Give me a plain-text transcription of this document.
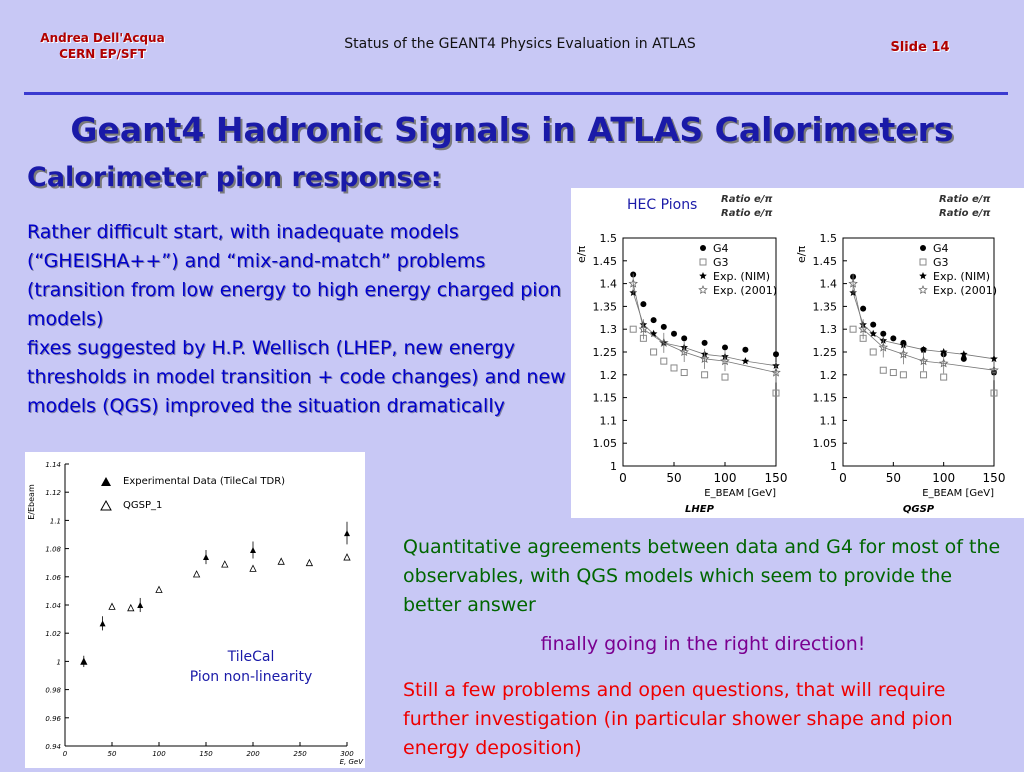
Andrea Dell'Acqua
CERN EP/SFT
Status of the GEANT4 Physics Evaluation in ATLAS	Slide 14
Geant4 Hadronic Signals in ATLAS Calorimeters
Calorimeter pion response:

Rather difficult start, with inadequate models (“GHEISHA++”) and “mix-and-match” problems (transition from low energy to high energy charged pion models)

fixes suggested by H.P. Wellisch (LHEP, new energy thresholds in model transition + code changes) and new models (QGS) improved the situation dramatically

HEC Pions Ratio e/π
Ratio e/π
e/π
1
1.05
1.1
1.15
1.2
1.25
1.3
1.35
1.4
1.45
1.5
0	50	100 150
E_BEAM [GeV]
LHEP
G4
G3
Exp. (NIM)
Exp. (2001)
Ratio e/π
Ratio e/π
e/π
1
1.05
1.1
1.15
1.2
1.25
1.3
1.35
1.4
1.45
1.5
0	50	100 150
E_BEAM [GeV]
QGSP
G4
G3
Exp. (NIM)
Exp. (2001)
E/Ebeam
0.94
0.96
0.98
1
1.02
1.04
1.06
1.08
1.1
1.12
1.14
0	50	100	150	200	250	300
E, GeV
Experimental Data (TileCal TDR)
QGSP_1
TileCal
Pion non-linearity
Quantitative agreements between data and G4 for most of the observables, with QGS models which seem to provide the better answer
finally going in the right direction!
Still a few problems and open questions, that will require further investigation (in particular shower shape and pion energy deposition)
